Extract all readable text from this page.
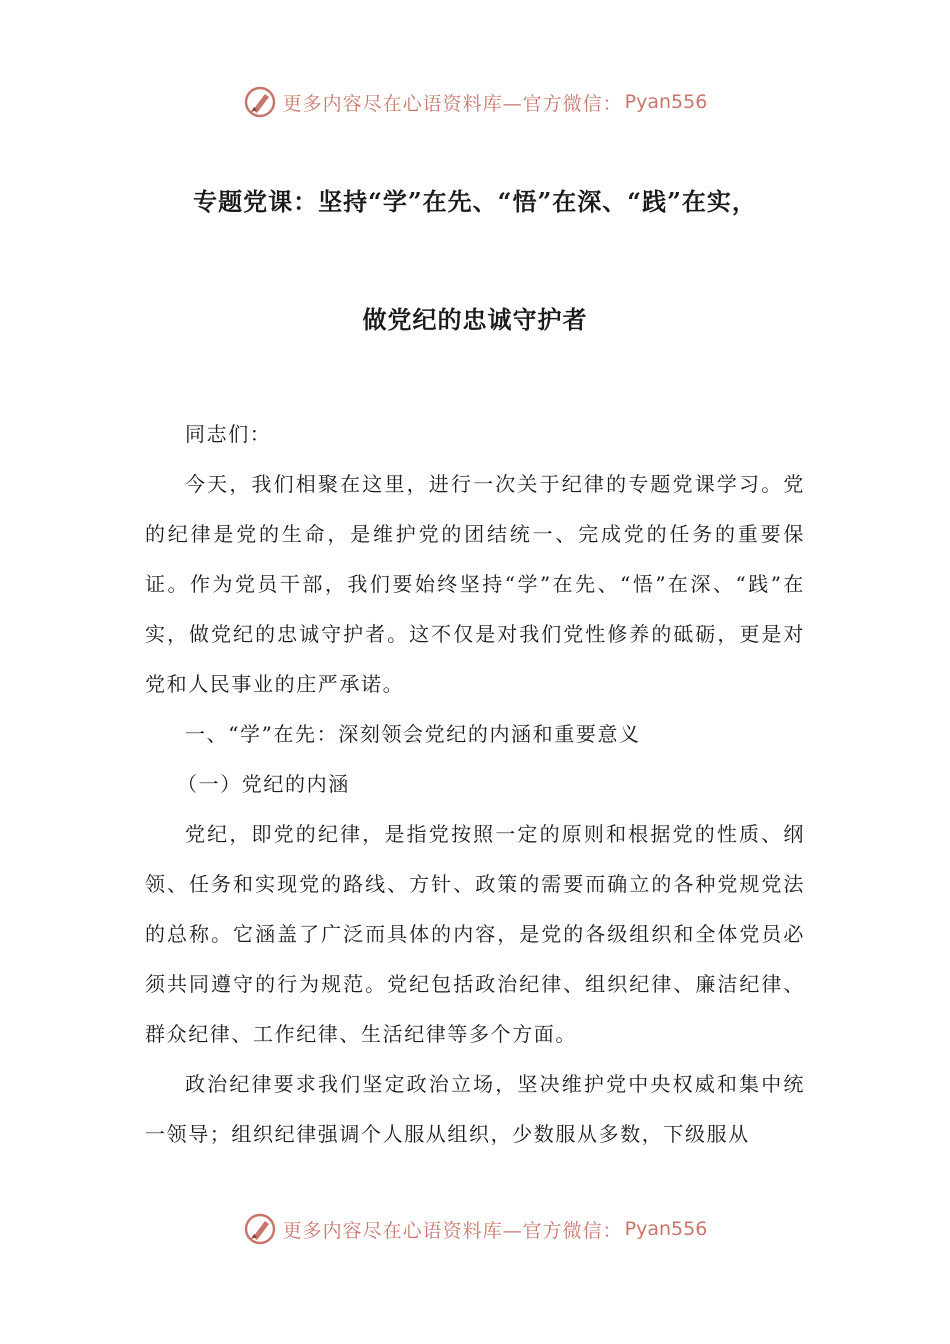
更多内容尽在心语资料库—官方微信： Pyan556
专题党课：坚持“学”在先、“悟”在深、“践”在实，
做党纪的忠诚守护者

同志们：

今天，我们相聚在这里，进行一次关于纪律的专题党课学习。党的纪律是党的生命，是维护党的团结统一、完成党的任务的重要保证。作为党员干部，我们要始终坚持“学”在先、“悟”在深、“践”在实，做党纪的忠诚守护者。这不仅是对我们党性修养的砥砺，更是对党和人民事业的庄严承诺。

一、“学”在先：深刻领会党纪的内涵和重要意义

（一）党纪的内涵

党纪，即党的纪律，是指党按照一定的原则和根据党的性质、纲领、任务和实现党的路线、方针、政策的需要而确立的各种党规党法的总称。它涵盖了广泛而具体的内容，是党的各级组织和全体党员必须共同遵守的行为规范。党纪包括政治纪律、组织纪律、廉洁纪律、群众纪律、工作纪律、生活纪律等多个方面。

政治纪律要求我们坚定政治立场，坚决维护党中央权威和集中统一领导；组织纪律强调个人服从组织，少数服从多数，下级服从

更多内容尽在心语资料库—官方微信： Pyan556
